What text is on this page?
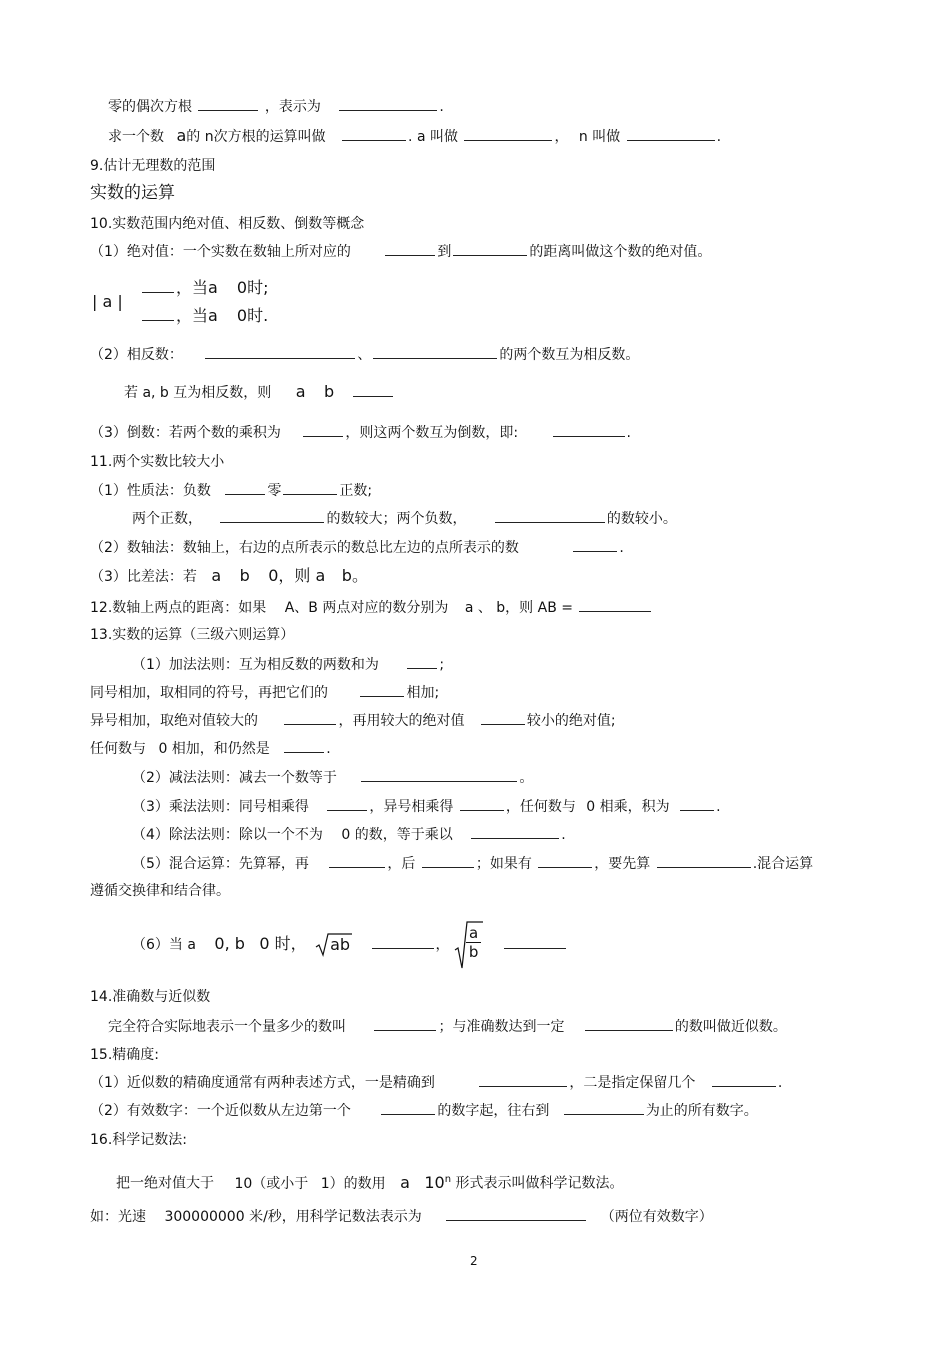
零的偶次方根	，表示为	.
求一个数 a的 n次方根的运算叫做	. a 叫做	， n 叫做	.
9.估计无理数的范围
实数的运算
10.实数范围内绝对值、相反数、倒数等概念
（1）绝对值：一个实数在数轴上所对应的	到	的距离叫做这个数的绝对值。
| a |
，当a 0时;
，当a 0时.
（2）相反数：	、	的两个数互为相反数。
若 a, b 互为相反数，则 a b
（3）倒数：若两个数的乘积为	，则这两个数互为倒数，即:	.
11.两个实数比较大小
（1）性质法：负数	零	正数;
两个正数，	的数较大；两个负数，	的数较小。
（2）数轴法：数轴上，右边的点所表示的数总比左边的点所表示的数	.
（3）比差法：若 a b 0，则 a b。
12.数轴上两点的距离：如果 A、B 两点对应的数分别为 a 、 b，则 AB =
13.实数的运算（三级六则运算）
（1）加法法则：互为相反数的两数和为	;
同号相加，取相同的符号，再把它们的	相加;
异号相加，取绝对值较大的	，再用较大的绝对值	较小的绝对值;
任何数与 0 相加，和仍然是	.
（2）减法法则：减去一个数等于	。
（3）乘法法则：同号相乘得	，异号相乘得	，任何数与 0 相乘，积为	.
（4）除法法则：除以一个不为 0 的数，等于乘以	.
（5）混合运算：先算幂，再	，后	；如果有	，要先算	.混合运算
遵循交换律和结合律。
（6）当 a 0, b 0 时， ab	， $\frac{a}{b}$

14.准确数与近似数
完全符合实际地表示一个量多少的数叫	；与准确数达到一定	的数叫做近似数。
15.精确度:
（1）近似数的精确度通常有两种表述方式，一是精确到	，二是指定保留几个	.
（2）有效数字：一个近似数从左边第一个	的数字起，往右到	为止的所有数字。
16.科学记数法:
把一绝对值大于 10（或小于 1）的数用 a 10$^n$ 形式表示叫做科学记数法。
如：光速 300000000 米/秒，用科学记数法表示为	（两位有效数字）
2
